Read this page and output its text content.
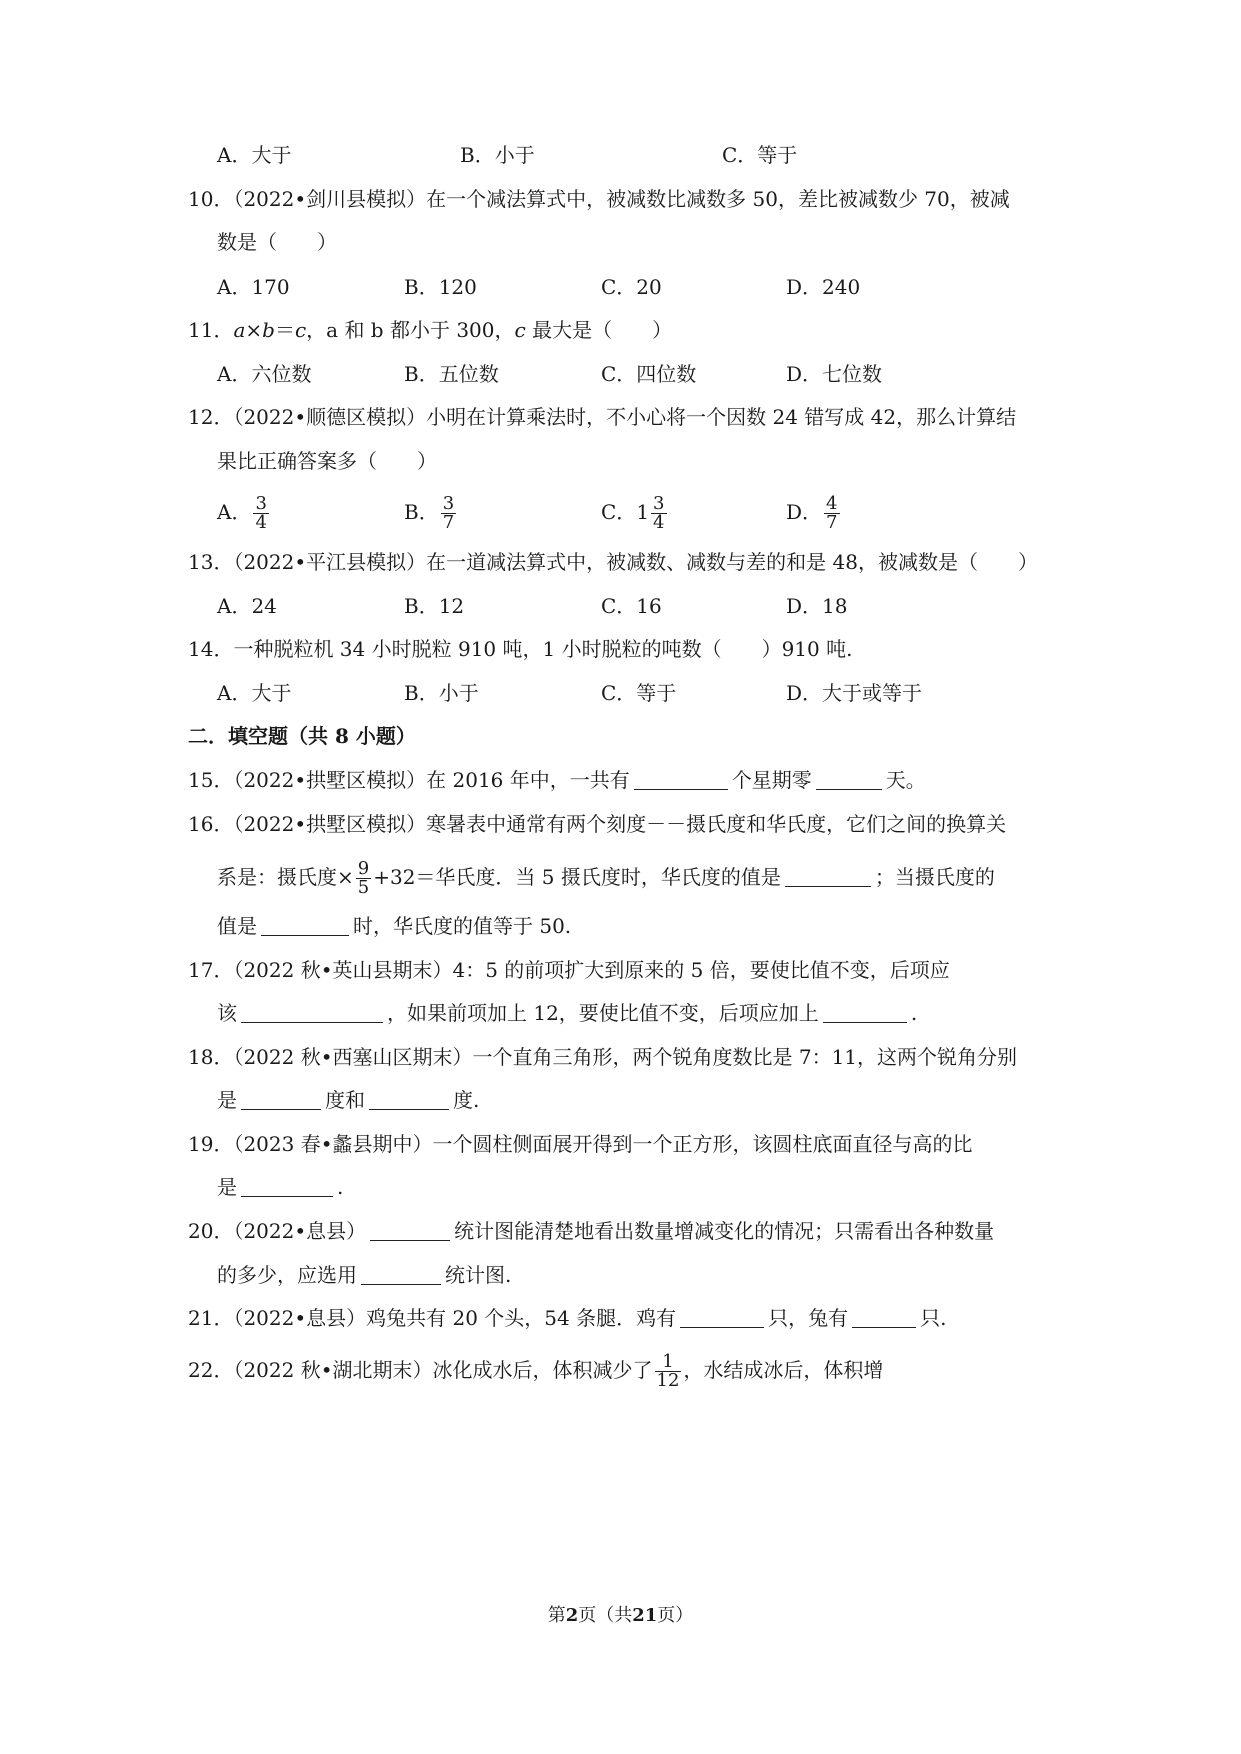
A．大于	B．小于	C．等于
10．（2022•剑川县模拟）在一个减法算式中，被减数比减数多 50，差比被减数少 70，被减
数是（　　）
A．170	B．120	C．20	D．240
11．a×b＝c，a 和 b 都小于 300，c 最大是（　　）
A．六位数	B．五位数	C．四位数	D．七位数
12．（2022•顺德区模拟）小明在计算乘法时，不小心将一个因数 24 错写成 42，那么计算结
果比正确答案多（　　）
A． $\frac{3}{4}$	B． $\frac{3}{7}$	C．$1 \frac{3}{4}$	D． $\frac{4}{7}$
13．（2022•平江县模拟）在一道减法算式中，被减数、减数与差的和是 48，被减数是（　　）
A．24	B．12	C．16	D．18
14．一种脱粒机 34 小时脱粒 910 吨，1 小时脱粒的吨数（　　）910 吨.
A．大于	B．小于	C．等于	D．大于或等于
二．填空题（共 8 小题）
15．（2022•拱墅区模拟）在 2016 年中，一共有	个星期零	天。
16．（2022•拱墅区模拟）寒暑表中通常有两个刻度－－摄氏度和华氏度，它们之间的换算关
系是：摄氏度× $\frac{9}{5} +32=$华氏度．当 5 摄氏度时，华氏度的值是	；当摄氏度的
值是	时，华氏度的值等于 50.
17．（2022 秋•英山县期末）4：5 的前项扩大到原来的 5 倍，要使比值不变，后项应
该	，如果前项加上 12，要使比值不变，后项应加上	.
18．（2022 秋•西塞山区期末）一个直角三角形，两个锐角度数比是 7：11，这两个锐角分别
是	度和	度.
19．（2023 春•蠡县期中）一个圆柱侧面展开得到一个正方形，该圆柱底面直径与高的比
是	.
20．（2022•息县）	统计图能清楚地看出数量增减变化的情况；只需看出各种数量
的多少，应选用	统计图.
21．（2022•息县）鸡兔共有 20 个头，54 条腿．鸡有	只，兔有	只.
22．（2022 秋•湖北期末）冰化成水后，体积减少了 $\frac{1}{12}$ ，水结成冰后，体积增
第2页（共21页）
